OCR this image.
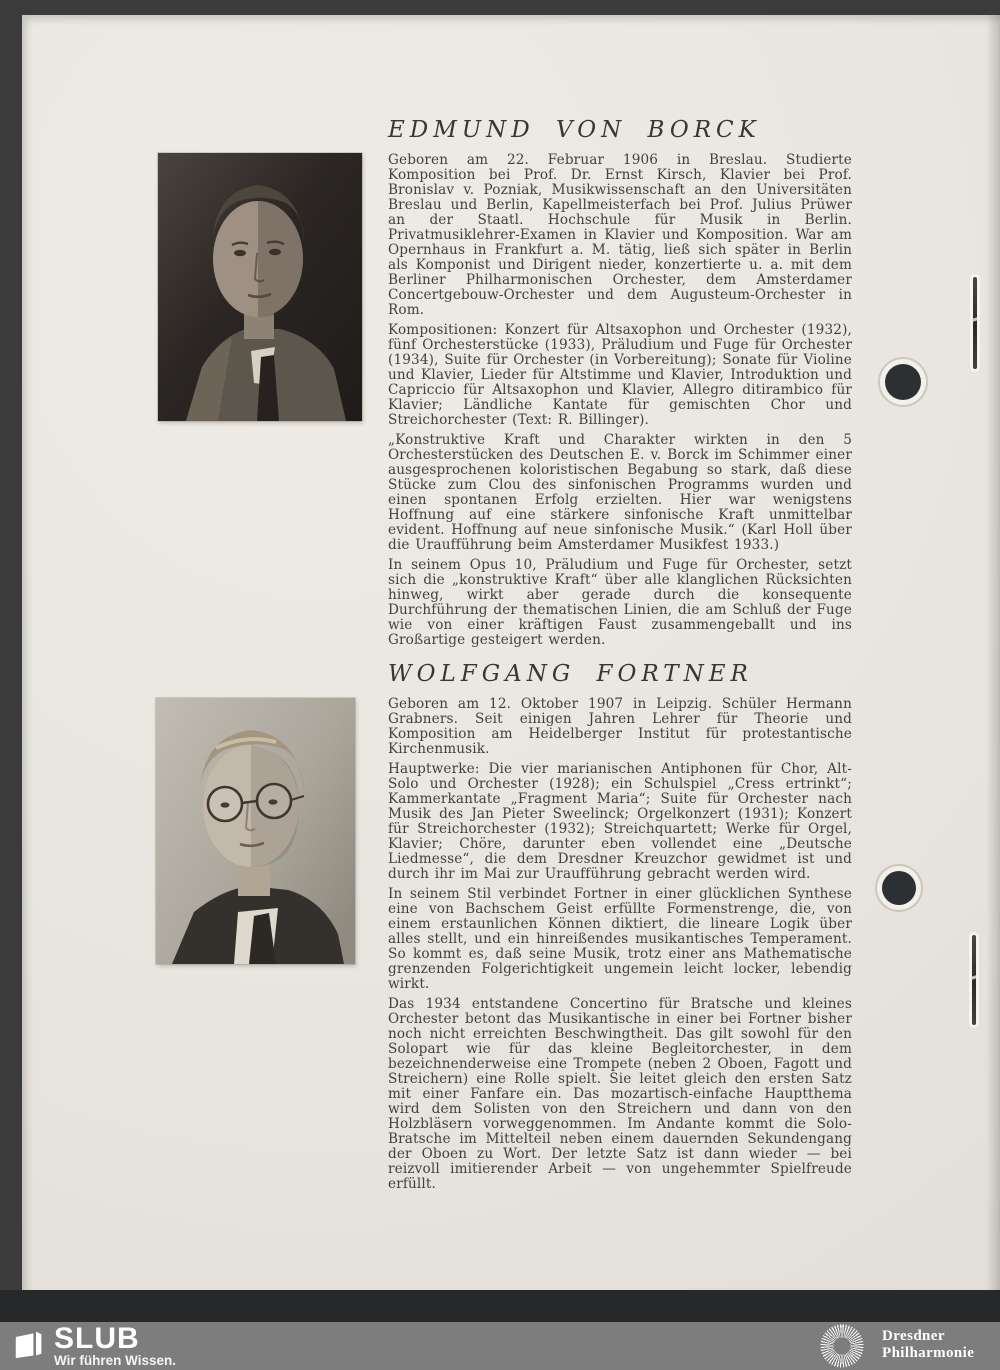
EDMUND VON BORCK

Geboren am 22. Februar 1906 in Breslau. Studierte Komposition bei Prof. Dr. Ernst Kirsch, Klavier bei Prof. Bronislav v. Pozniak, Musikwissenschaft an den Universitäten Breslau und Berlin, Kapellmeisterfach bei Prof. Julius Prüwer an der Staatl. Hochschule für Musik in Berlin. Privatmusiklehrer-Examen in Klavier und Komposition. War am Opernhaus in Frankfurt a. M. tätig, ließ sich später in Berlin als Komponist und Dirigent nieder, konzertierte u. a. mit dem Berliner Philharmonischen Orchester, dem Amsterdamer Concertgebouw-Orchester und dem Augusteum-Orchester in Rom.

Kompositionen: Konzert für Altsaxophon und Orchester (1932), fünf Orchesterstücke (1933), Präludium und Fuge für Orchester (1934), Suite für Orchester (in Vorbereitung); Sonate für Violine und Klavier, Lieder für Altstimme und Klavier, Introduktion und Capriccio für Altsaxophon und Klavier, Allegro ditirambico für Klavier; Ländliche Kantate für gemischten Chor und Streichorchester (Text: R. Billinger).

„Konstruktive Kraft und Charakter wirkten in den 5 Orchesterstücken des Deutschen E. v. Borck im Schimmer einer ausgesprochenen koloristischen Begabung so stark, daß diese Stücke zum Clou des sinfonischen Programms wurden und einen spontanen Erfolg erzielten. Hier war wenigstens Hoffnung auf eine stärkere sinfonische Kraft unmittelbar evident. Hoffnung auf neue sinfonische Musik.“ (Karl Holl über die Uraufführung beim Amsterdamer Musikfest 1933.)

In seinem Opus 10, Präludium und Fuge für Orchester, setzt sich die „konstruktive Kraft“ über alle klanglichen Rücksichten hinweg, wirkt aber gerade durch die konsequente Durchführung der thematischen Linien, die am Schluß der Fuge wie von einer kräftigen Faust zusammengeballt und ins Großartige gesteigert werden.

WOLFGANG FORTNER

Geboren am 12. Oktober 1907 in Leipzig. Schüler Hermann Grabners. Seit einigen Jahren Lehrer für Theorie und Komposition am Heidelberger Institut für protestantische Kirchenmusik.

Hauptwerke: Die vier marianischen Antiphonen für Chor, Alt-Solo und Orchester (1928); ein Schulspiel „Cress ertrinkt“; Kammerkantate „Fragment Maria“; Suite für Orchester nach Musik des Jan Pieter Sweelinck; Orgelkonzert (1931); Konzert für Streichorchester (1932); Streichquartett; Werke für Orgel, Klavier; Chöre, darunter eben vollendet eine „Deutsche Liedmesse“, die dem Dresdner Kreuzchor gewidmet ist und durch ihr im Mai zur Uraufführung gebracht werden wird.

In seinem Stil verbindet Fortner in einer glücklichen Synthese eine von Bachschem Geist erfüllte Formenstrenge, die, von einem erstaunlichen Können diktiert, die lineare Logik über alles stellt, und ein hinreißendes musikantisches Temperament. So kommt es, daß seine Musik, trotz einer ans Mathematische grenzenden Folgerichtigkeit ungemein leicht locker, lebendig wirkt.

Das 1934 entstandene Concertino für Bratsche und kleines Orchester betont das Musikantische in einer bei Fortner bisher noch nicht erreichten Beschwingtheit. Das gilt sowohl für den Solopart wie für das kleine Begleitorchester, in dem bezeichnenderweise eine Trompete (neben 2 Oboen, Fagott und Streichern) eine Rolle spielt. Sie leitet gleich den ersten Satz mit einer Fanfare ein. Das mozartisch-einfache Hauptthema wird dem Solisten von den Streichern und dann von den Holzbläsern vorweggenommen. Im Andante kommt die Solo-Bratsche im Mittelteil neben einem dauernden Sekundengang der Oboen zu Wort. Der letzte Satz ist dann wieder — bei reizvoll imitierender Arbeit — von ungehemmter Spielfreude erfüllt.

SLUB
Wir führen Wissen.
Dresdner
Philharmonie
